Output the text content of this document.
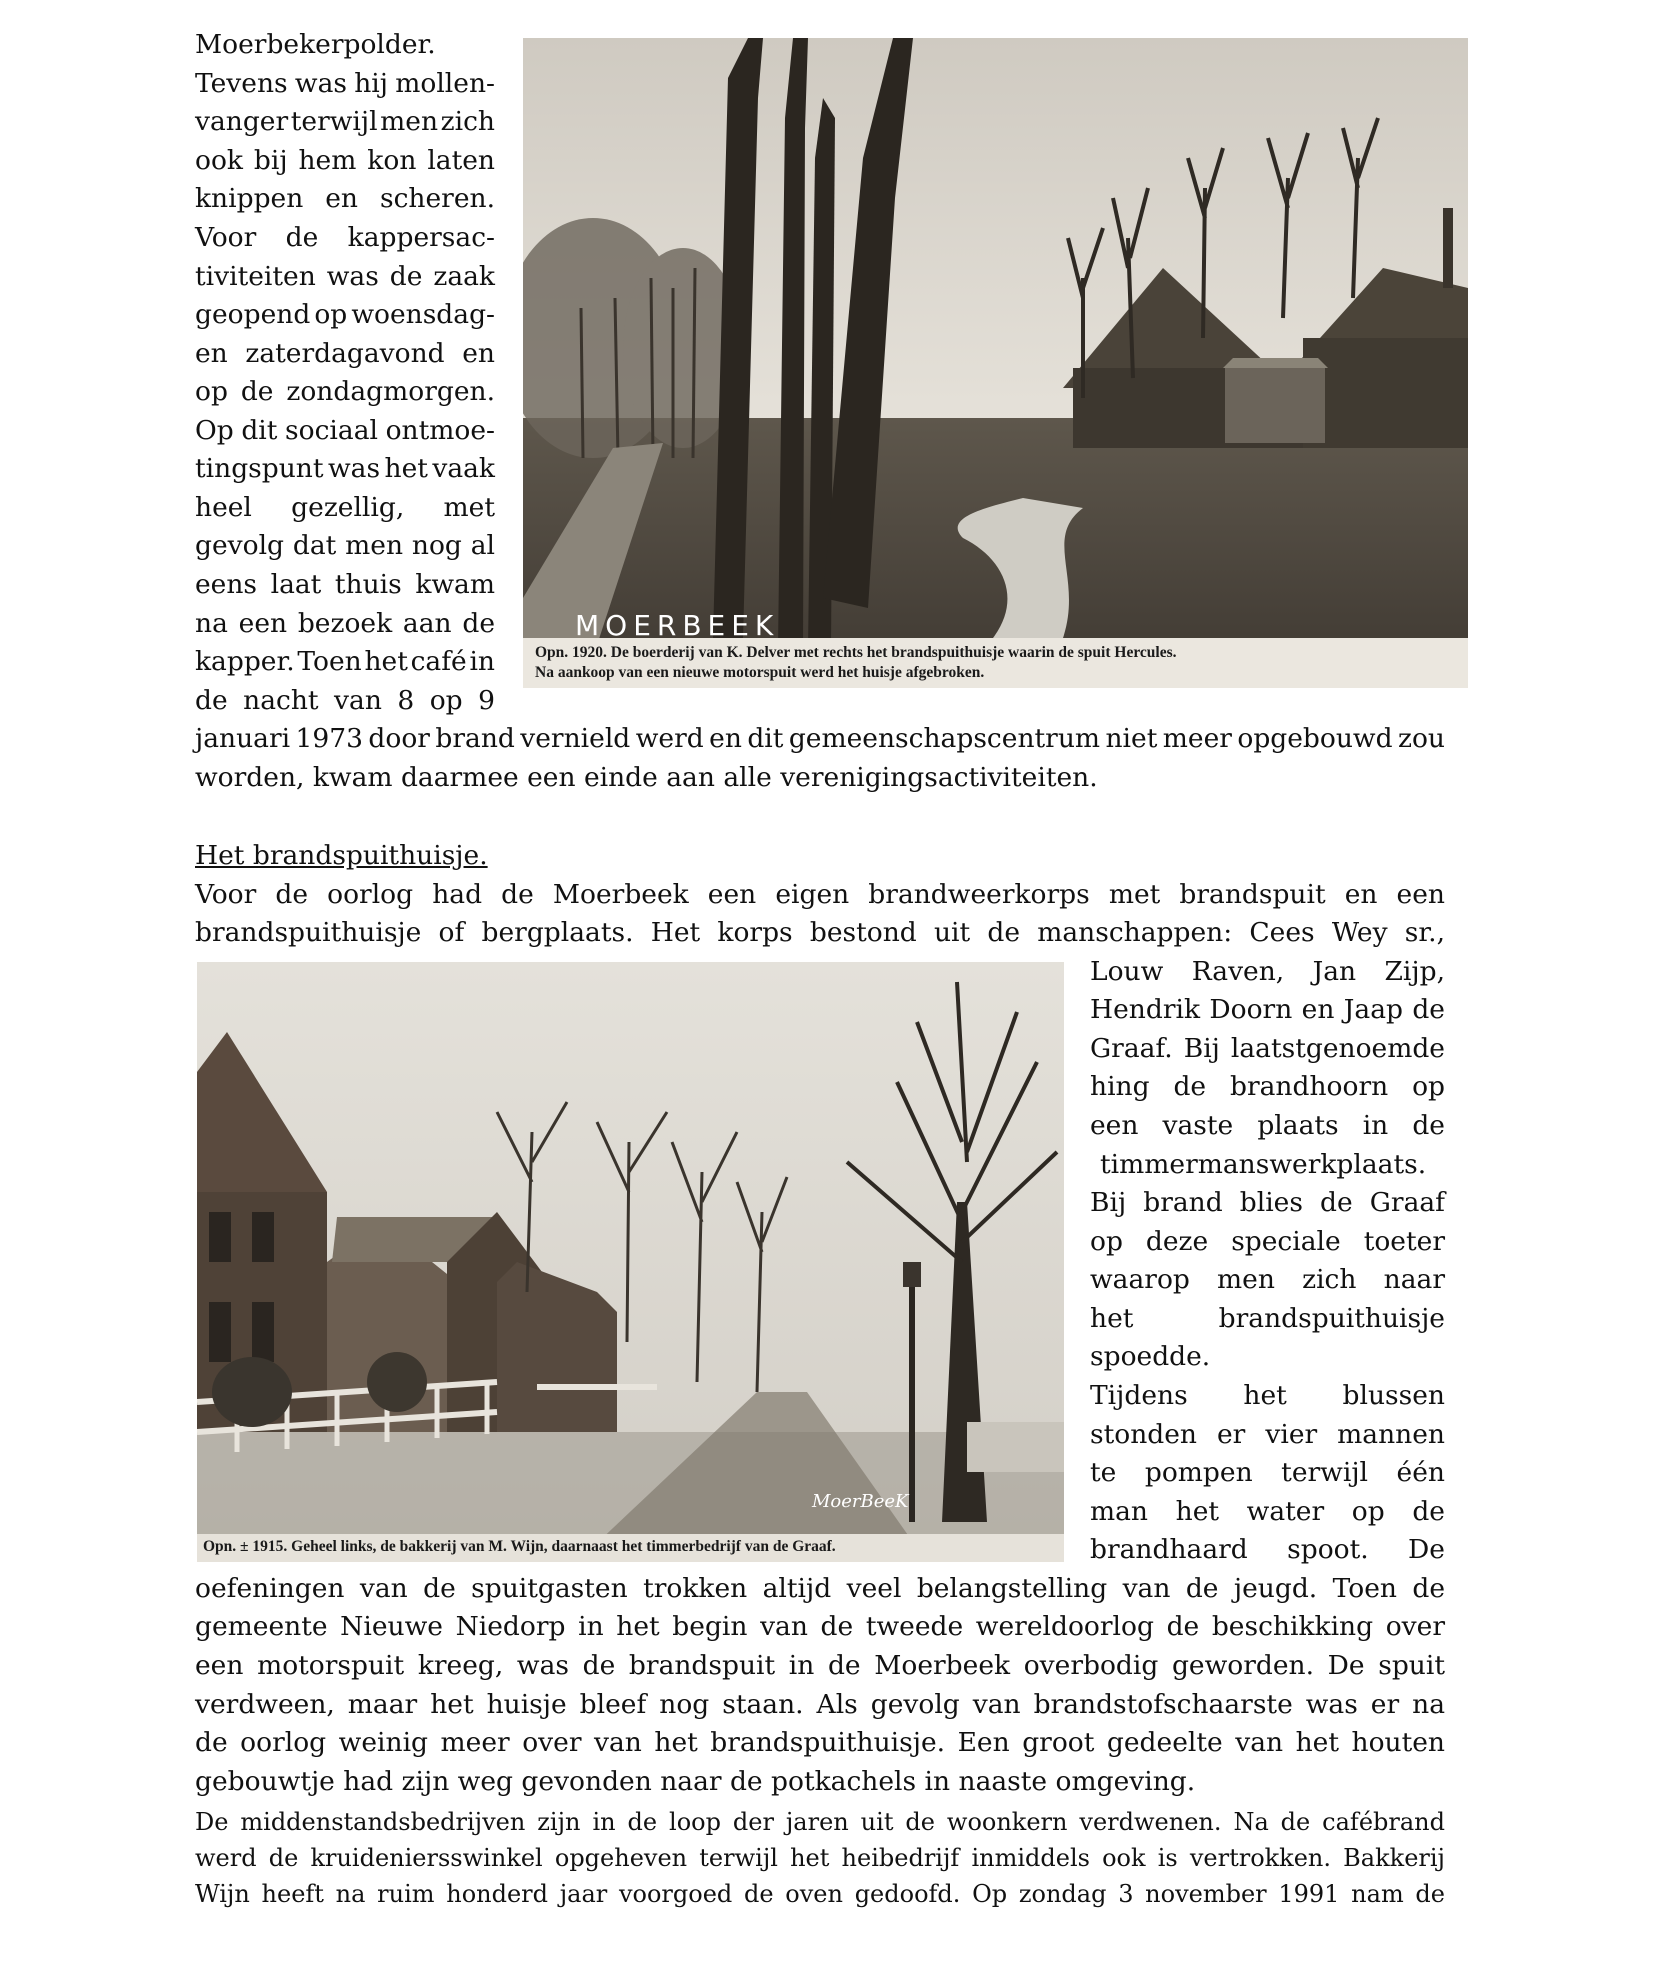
Moerbekerpolder.
Tevens was hij mollen-
vanger terwijl men zich
ook bij hem kon laten
knippen en scheren.
Voor de kappersac-
tiviteiten was de zaak
geopend op woensdag-
en zaterdagavond en
op de zondagmorgen.
Op dit sociaal ontmoe-
tingspunt was het vaak
heel gezellig, met
gevolg dat men nog al
eens laat thuis kwam
na een bezoek aan de
kapper. Toen het café in
de nacht van 8 op 9
MOERBEEK
Opn. 1920. De boerderij van K. Delver met rechts het brandspuithuisje waarin de spuit Hercules.
Na aankoop van een nieuwe motorspuit werd het huisje afgebroken.
januari 1973 door brand vernield werd en dit gemeenschapscentrum niet meer opgebouwd zou
worden, kwam daarmee een einde aan alle verenigingsactiviteiten.
Het brandspuithuisje.
Voor de oorlog had de Moerbeek een eigen brandweerkorps met brandspuit en een
brandspuithuisje of bergplaats. Het korps bestond uit de manschappen: Cees Wey sr.,
MoerBeeK
Opn. ± 1915. Geheel links, de bakkerij van M. Wijn, daarnaast het timmerbedrijf van de Graaf.
Louw Raven, Jan Zijp,
Hendrik Doorn en Jaap de
Graaf. Bij laatstgenoemde
hing de brandhoorn op
een vaste plaats in de
timmermanswerkplaats.
Bij brand blies de Graaf
op deze speciale toeter
waarop men zich naar
het brandspuithuisje
spoedde.
Tijdens het blussen
stonden er vier mannen
te pompen terwijl één
man het water op de
brandhaard spoot. De
oefeningen van de spuitgasten trokken altijd veel belangstelling van de jeugd. Toen de
gemeente Nieuwe Niedorp in het begin van de tweede wereldoorlog de beschikking over
een motorspuit kreeg, was de brandspuit in de Moerbeek overbodig geworden. De spuit
verdween, maar het huisje bleef nog staan. Als gevolg van brandstofschaarste was er na
de oorlog weinig meer over van het brandspuithuisje. Een groot gedeelte van het houten
gebouwtje had zijn weg gevonden naar de potkachels in naaste omgeving.
De middenstandsbedrijven zijn in de loop der jaren uit de woonkern verdwenen. Na de cafébrand
werd de kruideniersswinkel opgeheven terwijl het heibedrijf inmiddels ook is vertrokken. Bakkerij
Wijn heeft na ruim honderd jaar voorgoed de oven gedoofd. Op zondag 3 november 1991 nam de
